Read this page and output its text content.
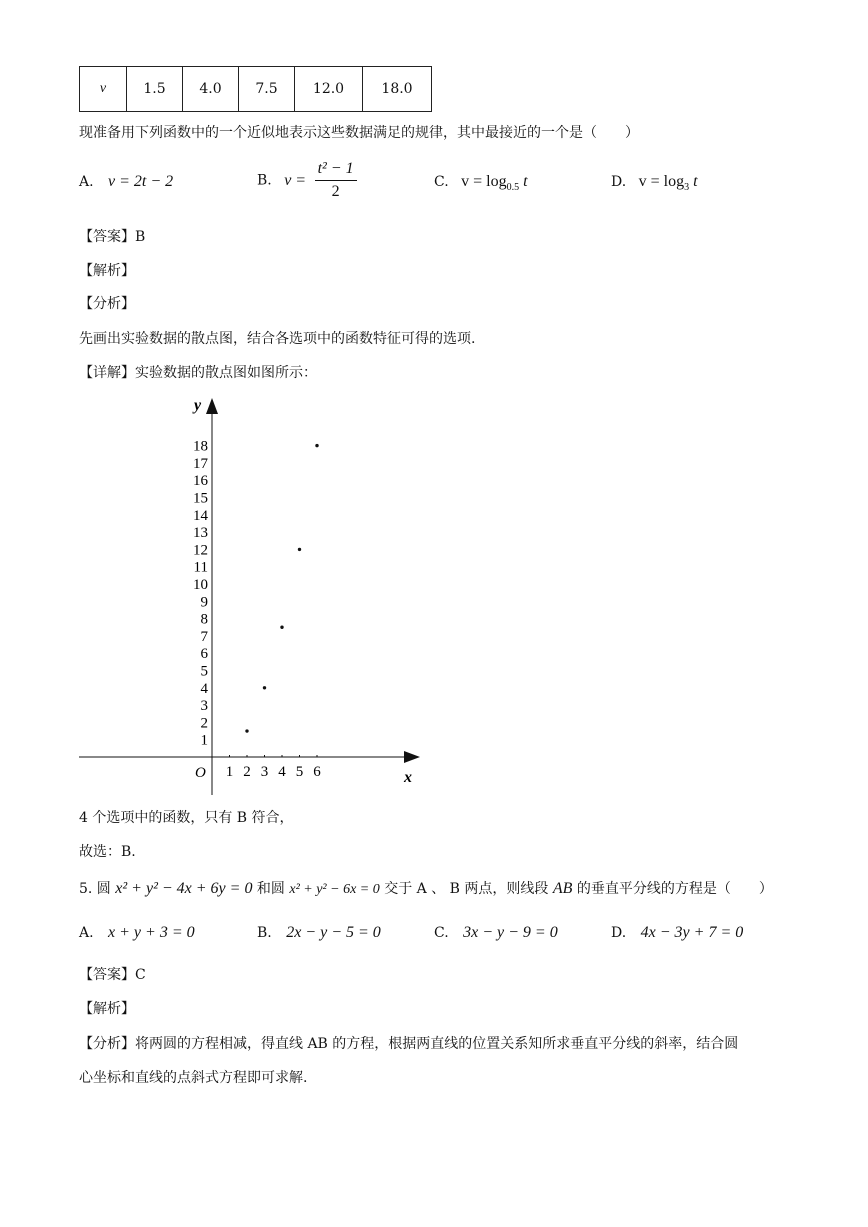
v	1.5	4.0	7.5	12.0	18.0
现准备用下列函数中的一个近似地表示这些数据满足的规律，其中最接近的一个是（　　）
A. v = 2t − 2	B. $v = \frac{\text{t² − 1}}{2}$	C. $v = \log_{0.5} t$	D. $v = \log_3 t$
【答案】B
【解析】
【分析】
先画出实验数据的散点图，结合各选项中的函数特征可得的选项.
【详解】实验数据的散点图如图所示：
y
x
O
1
2
3
4
5
6
7
8
9
10
11
12
13
14
15
16
17
18
1 2 3 4 5 6
4 个选项中的函数，只有 B 符合，
故选：B.
5. 圆 x² + y² − 4x + 6y = 0 和圆 x² + y² − 6x = 0 交于 A 、 B 两点，则线段 AB 的垂直平分线的方程是（　　）
A. x + y + 3 = 0	B. 2x − y − 5 = 0	C. 3x − y − 9 = 0	D. 4x − 3y + 7 = 0
【答案】C
【解析】
【分析】将两圆的方程相减，得直线 AB 的方程，根据两直线的位置关系知所求垂直平分线的斜率，结合圆
心坐标和直线的点斜式方程即可求解.
